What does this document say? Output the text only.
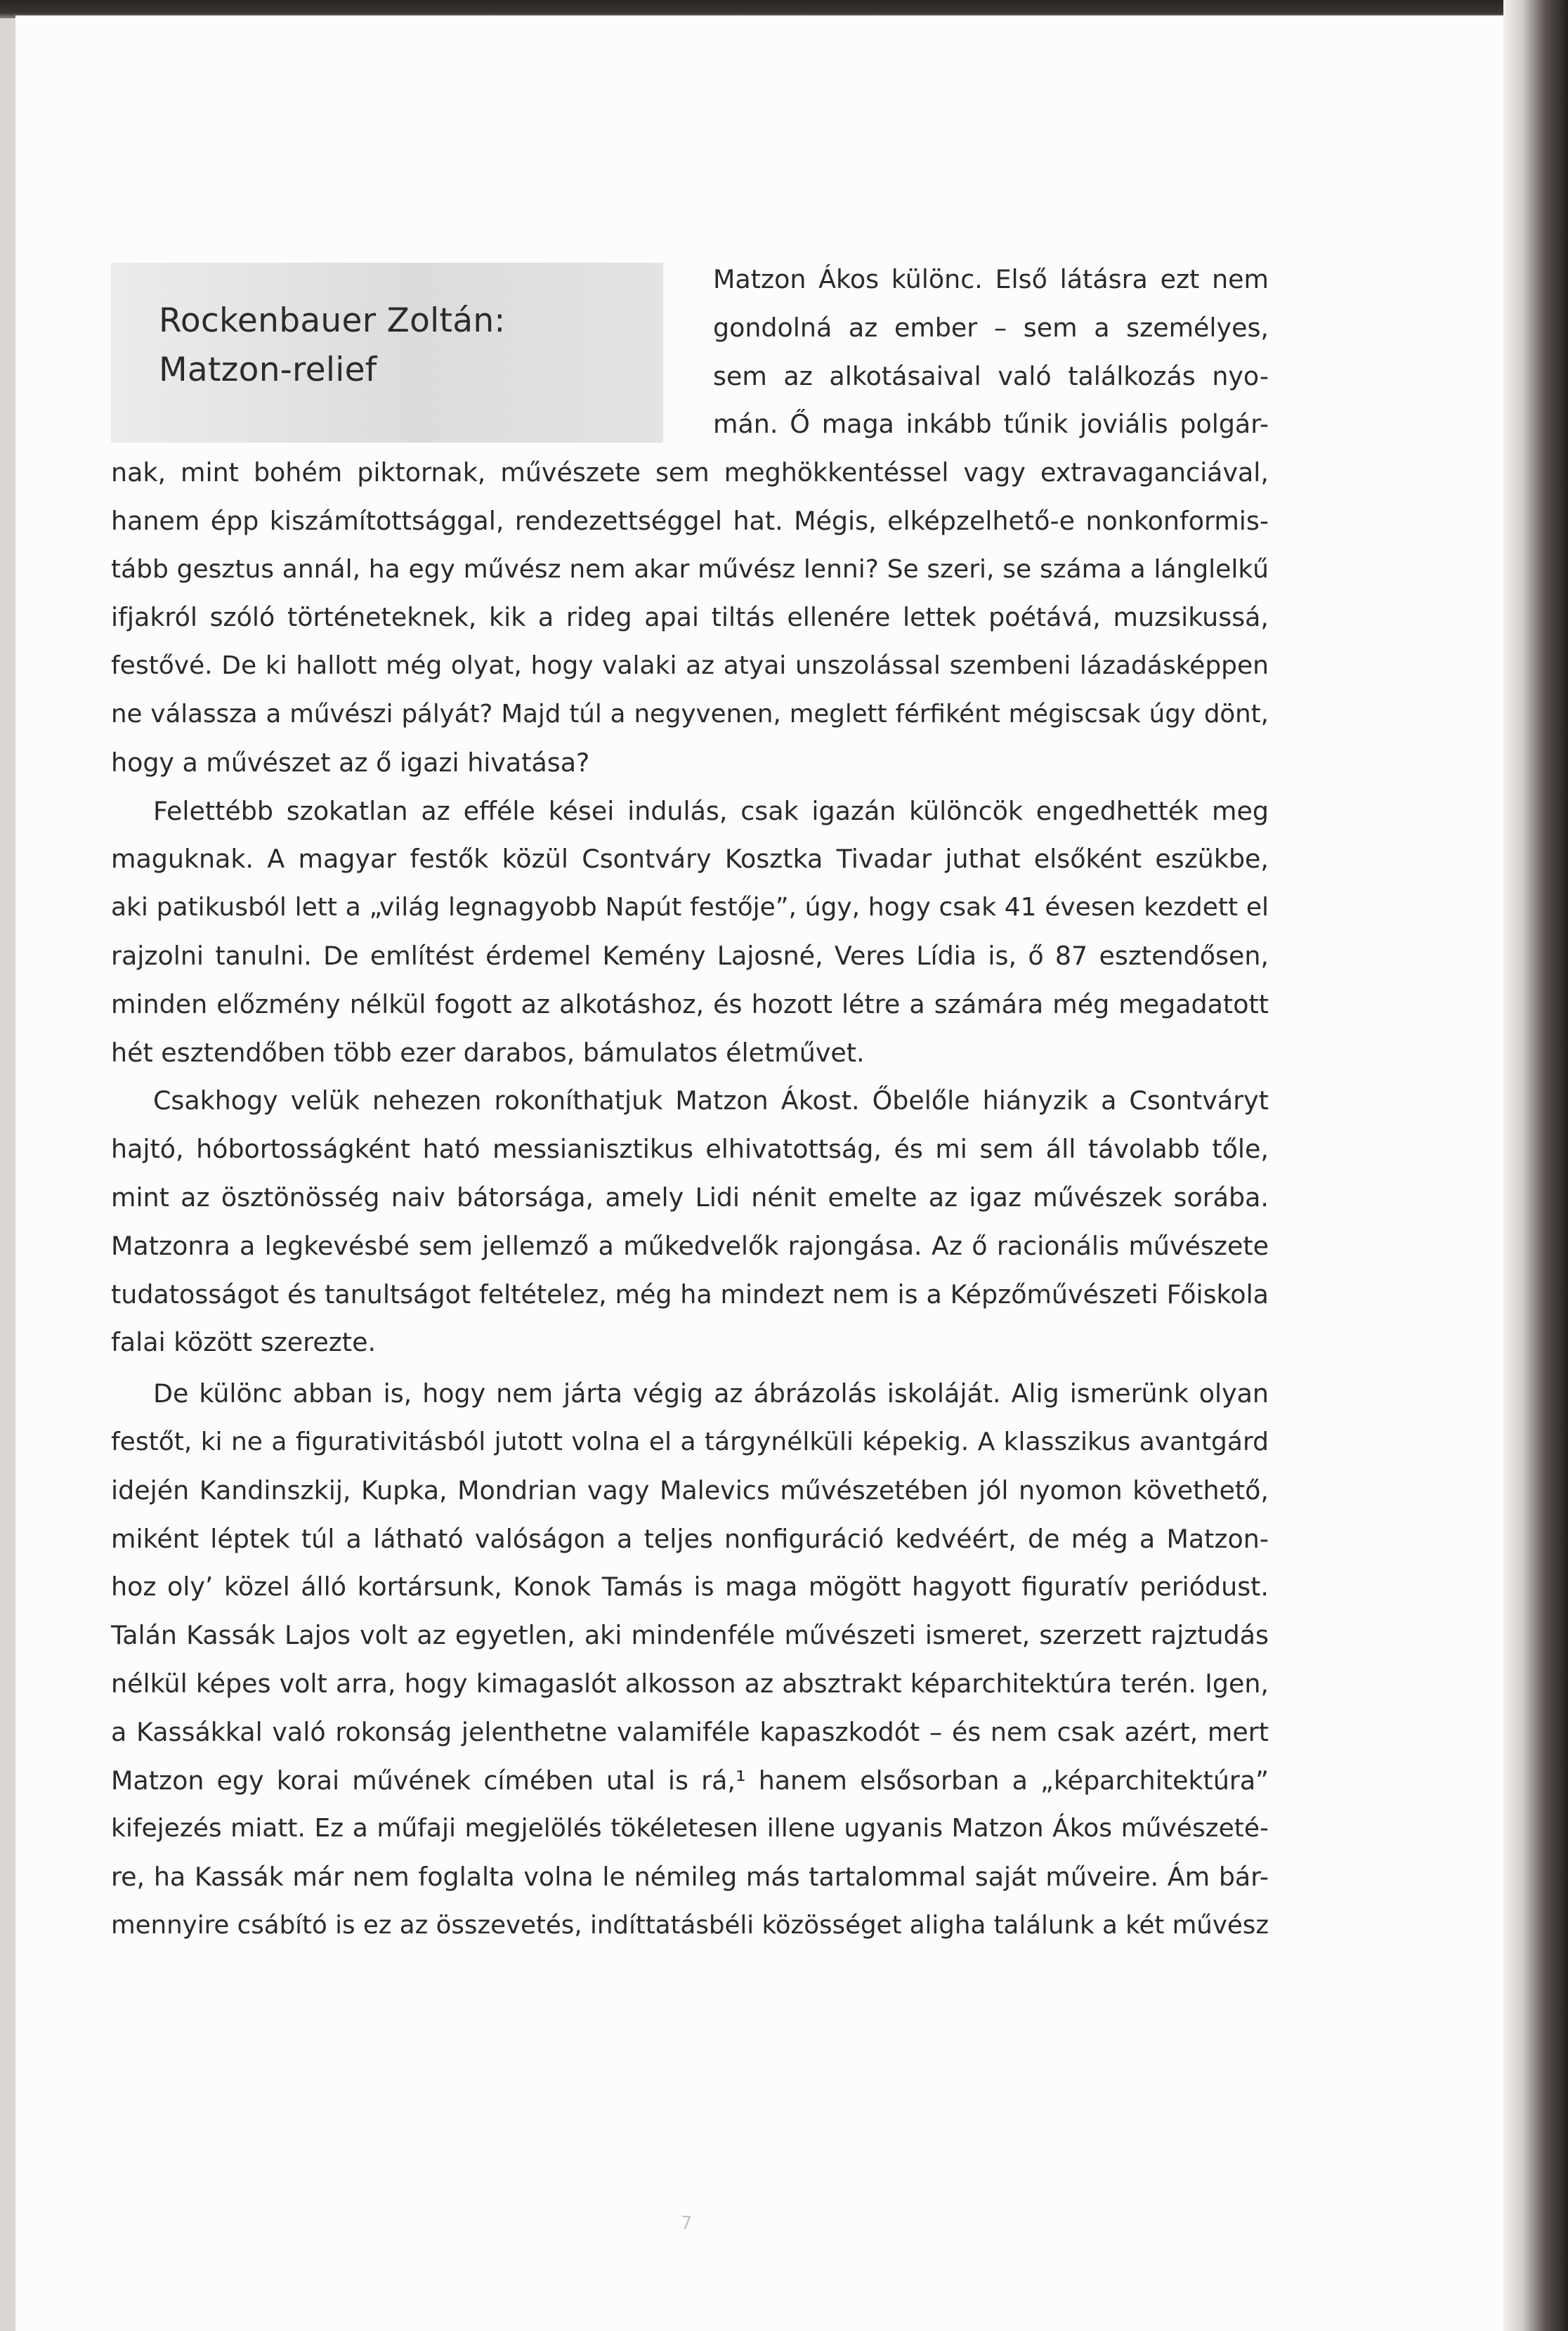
Rockenbauer Zoltán:
Matzon-relief
Matzon Ákos különc. Első látásra ezt nem
gondolná az ember – sem a személyes,
sem az alkotásaival való találkozás nyo-
mán. Ő maga inkább tűnik joviális polgár-
nak, mint bohém piktornak, művészete sem meghökkentéssel vagy extravaganciával,
hanem épp kiszámítottsággal, rendezettséggel hat. Mégis, elképzelhető-e nonkonformis-
tább gesztus annál, ha egy művész nem akar művész lenni? Se szeri, se száma a lánglelkű
ifjakról szóló történeteknek, kik a rideg apai tiltás ellenére lettek poétává, muzsikussá,
festővé. De ki hallott még olyat, hogy valaki az atyai unszolással szembeni lázadásképpen
ne válassza a művészi pályát? Majd túl a negyvenen, meglett férfiként mégiscsak úgy dönt,
hogy a művészet az ő igazi hivatása?
Felettébb szokatlan az efféle kései indulás, csak igazán különcök engedhették meg
maguknak. A magyar festők közül Csontváry Kosztka Tivadar juthat elsőként eszükbe,
aki patikusból lett a „világ legnagyobb Napút festője”, úgy, hogy csak 41 évesen kezdett el
rajzolni tanulni. De említést érdemel Kemény Lajosné, Veres Lídia is, ő 87 esztendősen,
minden előzmény nélkül fogott az alkotáshoz, és hozott létre a számára még megadatott
hét esztendőben több ezer darabos, bámulatos életművet.
Csakhogy velük nehezen rokoníthatjuk Matzon Ákost. Őbelőle hiányzik a Csontváryt
hajtó, hóbortosságként ható messianisztikus elhivatottság, és mi sem áll távolabb tőle,
mint az ösztönösség naiv bátorsága, amely Lidi nénit emelte az igaz művészek sorába.
Matzonra a legkevésbé sem jellemző a műkedvelők rajongása. Az ő racionális művészete
tudatosságot és tanultságot feltételez, még ha mindezt nem is a Képzőművészeti Főiskola
falai között szerezte.
De különc abban is, hogy nem járta végig az ábrázolás iskoláját. Alig ismerünk olyan
festőt, ki ne a figurativitásból jutott volna el a tárgynélküli képekig. A klasszikus avantgárd
idején Kandinszkij, Kupka, Mondrian vagy Malevics művészetében jól nyomon követhető,
miként léptek túl a látható valóságon a teljes nonfiguráció kedvéért, de még a Matzon-
hoz oly’ közel álló kortársunk, Konok Tamás is maga mögött hagyott figuratív periódust.
Talán Kassák Lajos volt az egyetlen, aki mindenféle művészeti ismeret, szerzett rajztudás
nélkül képes volt arra, hogy kimagaslót alkosson az absztrakt képarchitektúra terén. Igen,
a Kassákkal való rokonság jelenthetne valamiféle kapaszkodót – és nem csak azért, mert
Matzon egy korai művének címében utal is rá,¹ hanem elsősorban a „képarchitektúra”
kifejezés miatt. Ez a műfaji megjelölés tökéletesen illene ugyanis Matzon Ákos művészeté-
re, ha Kassák már nem foglalta volna le némileg más tartalommal saját műveire. Ám bár-
mennyire csábító is ez az összevetés, indíttatásbéli közösséget aligha találunk a két művész
7
